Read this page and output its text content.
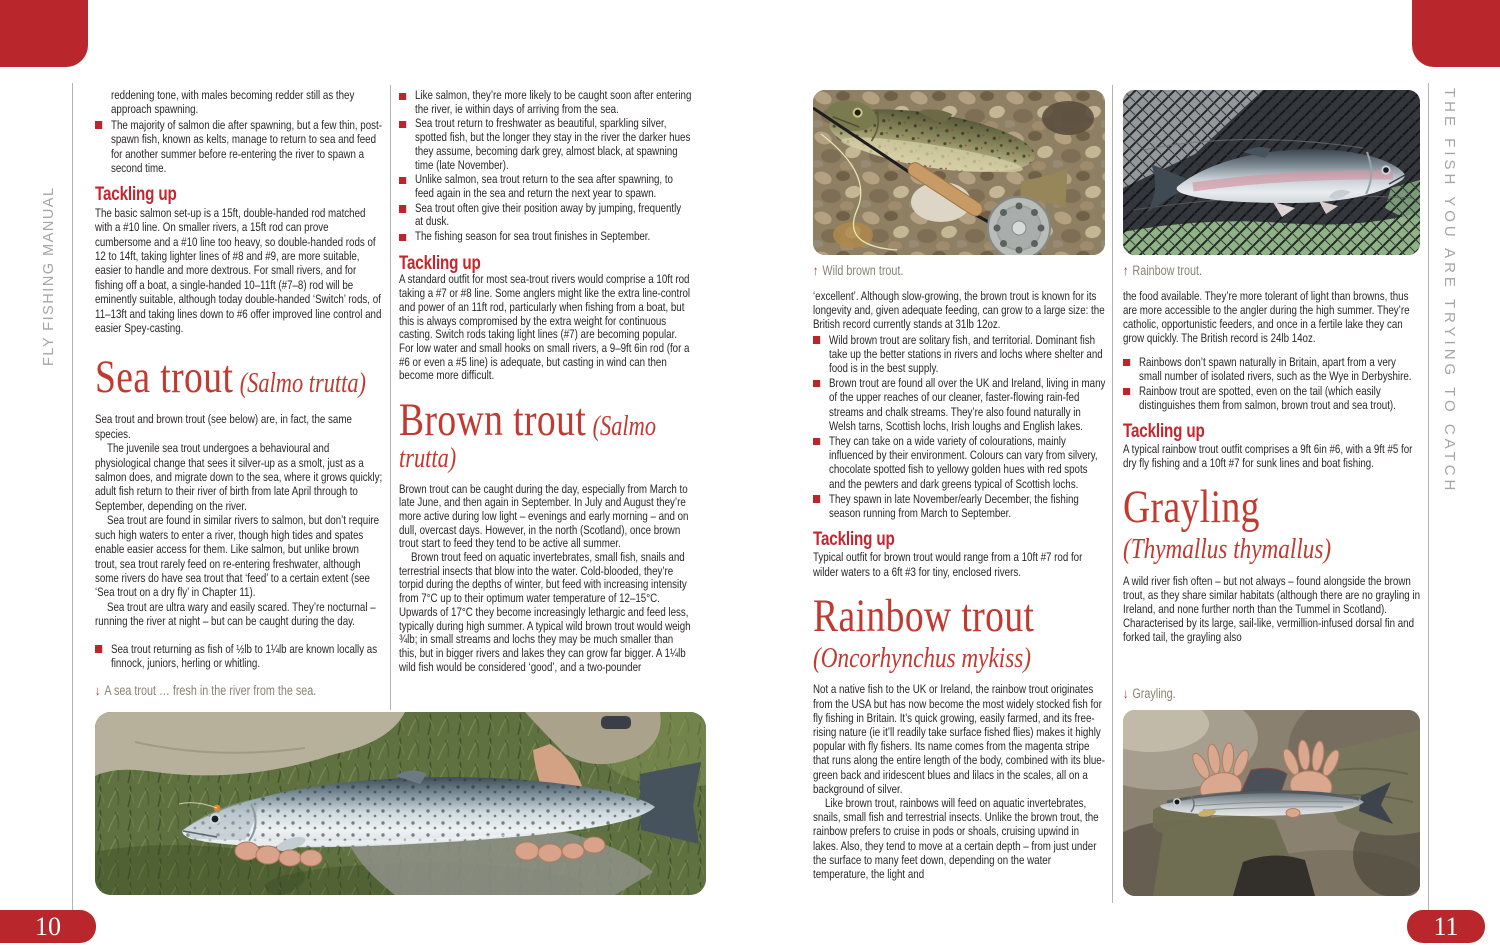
FLY FISHING MANUAL	THE FISH YOU ARE TRYING TO CATCH
10	11

reddening tone, with males becoming redder still as they approach spawning.

The majority of salmon die after spawning, but a few thin, post-spawn fish, known as kelts, manage to return to sea and feed for another summer before re-entering the river to spawn a second time.
Tackling up

The basic salmon set-up is a 15ft, double-handed rod matched with a #10 line. On smaller rivers, a 15ft rod can prove cumbersome and a #10 line too heavy, so double-handed rods of 12 to 14ft, taking lighter lines of #8 and #9, are more suitable, easier to handle and more dextrous. For small rivers, and for fishing off a boat, a single-handed 10–11ft (#7–8) rod will be eminently suitable, although today double-handed ‘Switch’ rods, of 11–13ft and taking lines down to #6 offer improved line control and easier Spey-casting.

Sea trout (Salmo trutta)

Sea trout and brown trout (see below) are, in fact, the same species.

The juvenile sea trout undergoes a behavioural and physiological change that sees it silver-up as a smolt, just as a salmon does, and migrate down to the sea, where it grows quickly; adult fish return to their river of birth from late April through to September, depending on the river.

Sea trout are found in similar rivers to salmon, but don’t require such high waters to enter a river, though high tides and spates enable easier access for them. Like salmon, but unlike brown trout, sea trout rarely feed on re-entering freshwater, although some rivers do have sea trout that ‘feed’ to a certain extent (see ‘Sea trout on a dry fly’ in Chapter 11).

Sea trout are ultra wary and easily scared. They’re nocturnal – running the river at night – but can be caught during the day.

Sea trout returning as fish of ½lb to 1¼lb are known locally as finnock, juniors, herling or whitling.
↓ A sea trout … fresh in the river from the sea.
Like salmon, they’re more likely to be caught soon after entering the river, ie within days of arriving from the sea.
Sea trout return to freshwater as beautiful, sparkling silver, spotted fish, but the longer they stay in the river the darker hues they assume, becoming dark grey, almost black, at spawning time (late November).
Unlike salmon, sea trout return to the sea after spawning, to feed again in the sea and return the next year to spawn.
Sea trout often give their position away by jumping, frequently at dusk.
The fishing season for sea trout finishes in September.
Tackling up

A standard outfit for most sea-trout rivers would comprise a 10ft rod taking a #7 or #8 line. Some anglers might like the extra line-control and power of an 11ft rod, particularly when fishing from a boat, but this is always compromised by the extra weight for continuous casting. Switch rods taking light lines (#7) are becoming popular. For low water and small hooks on small rivers, a 9–9ft 6in rod (for a #6 or even a #5 line) is adequate, but casting in wind can then become more difficult.

Brown trout (Salmo trutta)

Brown trout can be caught during the day, especially from March to late June, and then again in September. In July and August they’re more active during low light – evenings and early morning – and on dull, overcast days. However, in the north (Scotland), once brown trout start to feed they tend to be active all summer.

Brown trout feed on aquatic invertebrates, small fish, snails and terrestrial insects that blow into the water. Cold-blooded, they’re torpid during the depths of winter, but feed with increasing intensity from 7°C up to their optimum water temperature of 12–15°C. Upwards of 17°C they become increasingly lethargic and feed less, typically during high summer. A typical wild brown trout would weigh ¾lb; in small streams and lochs they may be much smaller than this, but in bigger rivers and lakes they can grow far bigger. A 1¼lb wild fish would be considered ‘good’, and a two-pounder

↑ Wild brown trout.

‘excellent’. Although slow-growing, the brown trout is known for its longevity and, given adequate feeding, can grow to a large size: the British record currently stands at 31lb 12oz.

Wild brown trout are solitary fish, and territorial. Dominant fish take up the better stations in rivers and lochs where shelter and food is in the best supply.
Brown trout are found all over the UK and Ireland, living in many of the upper reaches of our cleaner, faster-flowing rain-fed streams and chalk streams. They’re also found naturally in Welsh tarns, Scottish lochs, Irish loughs and English lakes.
They can take on a wide variety of colourations, mainly influenced by their environment. Colours can vary from silvery, chocolate spotted fish to yellowy golden hues with red spots and the pewters and dark greens typical of Scottish lochs.
They spawn in late November/early December, the fishing season running from March to September.
Tackling up

Typical outfit for brown trout would range from a 10ft #7 rod for wilder waters to a 6ft #3 for tiny, enclosed rivers.

Rainbow trout
(Oncorhynchus mykiss)

Not a native fish to the UK or Ireland, the rainbow trout originates from the USA but has now become the most widely stocked fish for fly fishing in Britain. It’s quick growing, easily farmed, and its free-rising nature (ie it’ll readily take surface fished flies) makes it highly popular with fly fishers. Its name comes from the magenta stripe that runs along the entire length of the body, combined with its blue-green back and iridescent blues and lilacs in the scales, all on a background of silver.

Like brown trout, rainbows will feed on aquatic invertebrates, snails, small fish and terrestrial insects. Unlike the brown trout, the rainbow prefers to cruise in pods or shoals, cruising upwind in lakes. Also, they tend to move at a certain depth – from just under the surface to many feet down, depending on the water temperature, the light and

↑ Rainbow trout.

the food available. They’re more tolerant of light than browns, thus are more accessible to the angler during the high summer. They’re catholic, opportunistic feeders, and once in a fertile lake they can grow quickly. The British record is 24lb 14oz.

Rainbows don’t spawn naturally in Britain, apart from a very small number of isolated rivers, such as the Wye in Derbyshire.
Rainbow trout are spotted, even on the tail (which easily distinguishes them from salmon, brown trout and sea trout).
Tackling up

A typical rainbow trout outfit comprises a 9ft 6in #6, with a 9ft #5 for dry fly fishing and a 10ft #7 for sunk lines and boat fishing.

Grayling
(Thymallus thymallus)

A wild river fish often – but not always – found alongside the brown trout, as they share similar habitats (although there are no grayling in Ireland, and none further north than the Tummel in Scotland). Characterised by its large, sail-like, vermillion-infused dorsal fin and forked tail, the grayling also

↓ Grayling.
